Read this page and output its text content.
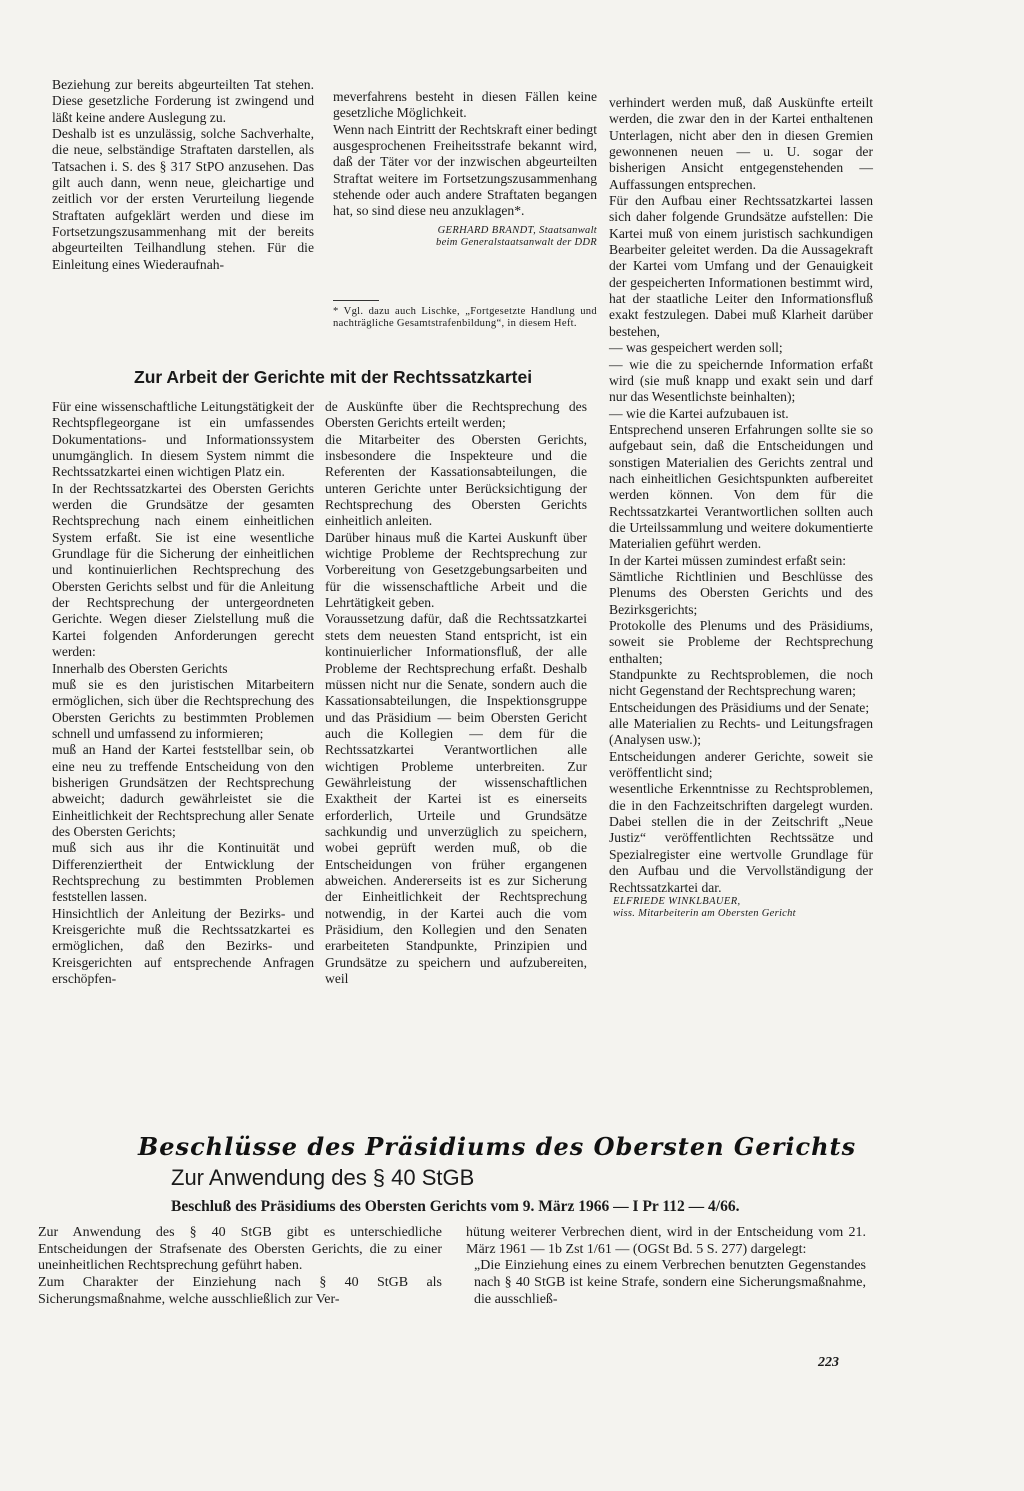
Beziehung zur bereits abgeurteilten Tat stehen. Diese gesetzliche Forderung ist zwingend und läßt keine andere Auslegung zu.

Deshalb ist es unzulässig, solche Sachverhalte, die neue, selbständige Straftaten darstellen, als Tatsachen i. S. des § 317 StPO anzusehen. Das gilt auch dann, wenn neue, gleichartige und zeitlich vor der ersten Verurteilung liegende Straftaten aufgeklärt werden und diese im Fortsetzungszusammenhang mit der bereits abgeurteilten Teilhandlung stehen. Für die Einleitung eines Wiederaufnah-

meverfahrens besteht in diesen Fällen keine gesetzliche Möglichkeit.

Wenn nach Eintritt der Rechtskraft einer bedingt ausgesprochenen Freiheitsstrafe bekannt wird, daß der Täter vor der inzwischen abgeurteilten Straftat weitere im Fortsetzungszusammenhang stehende oder auch andere Straftaten begangen hat, so sind diese neu anzuklagen*.

GERHARD BRANDT, Staatsanwalt
beim Generalstaatsanwalt der DDR
* Vgl. dazu auch Lischke, „Fortgesetzte Handlung und nachträgliche Gesamtstrafenbildung“, in diesem Heft.
Zur Arbeit der Gerichte mit der Rechtssatzkartei

Für eine wissenschaftliche Leitungstätigkeit der Rechtspflegeorgane ist ein umfassendes Dokumentations- und Informationssystem unumgänglich. In diesem System nimmt die Rechtssatzkartei einen wichtigen Platz ein.

In der Rechtssatzkartei des Obersten Gerichts werden die Grundsätze der gesamten Rechtsprechung nach einem einheitlichen System erfaßt. Sie ist eine wesentliche Grundlage für die Sicherung der einheitlichen und kontinuierlichen Rechtsprechung des Obersten Gerichts selbst und für die Anleitung der Rechtsprechung der untergeordneten Gerichte. Wegen dieser Zielstellung muß die Kartei folgenden Anforderungen gerecht werden:

Innerhalb des Obersten Gerichts

muß sie es den juristischen Mitarbeitern ermöglichen, sich über die Rechtsprechung des Obersten Gerichts zu bestimmten Problemen schnell und umfassend zu informieren;

muß an Hand der Kartei feststellbar sein, ob eine neu zu treffende Entscheidung von den bisherigen Grundsätzen der Rechtsprechung abweicht; dadurch gewährleistet sie die Einheitlichkeit der Rechtsprechung aller Senate des Obersten Gerichts;

muß sich aus ihr die Kontinuität und Differenziertheit der Entwicklung der Rechtsprechung zu bestimmten Problemen feststellen lassen.

Hinsichtlich der Anleitung der Bezirks- und Kreisgerichte muß die Rechtssatzkartei es ermöglichen, daß den Bezirks- und Kreisgerichten auf entsprechende Anfragen erschöpfen-

de Auskünfte über die Rechtsprechung des Obersten Gerichts erteilt werden;

die Mitarbeiter des Obersten Gerichts, insbesondere die Inspekteure und die Referenten der Kassationsabteilungen, die unteren Gerichte unter Berücksichtigung der Rechtsprechung des Obersten Gerichts einheitlich anleiten.

Darüber hinaus muß die Kartei Auskunft über wichtige Probleme der Rechtsprechung zur Vorbereitung von Gesetzgebungsarbeiten und für die wissenschaftliche Arbeit und die Lehrtätigkeit geben.

Voraussetzung dafür, daß die Rechtssatzkartei stets dem neuesten Stand entspricht, ist ein kontinuierlicher Informationsfluß, der alle Probleme der Rechtsprechung erfaßt. Deshalb müssen nicht nur die Senate, sondern auch die Kassationsabteilungen, die Inspektionsgruppe und das Präsidium — beim Obersten Gericht auch die Kollegien — dem für die Rechtssatzkartei Verantwortlichen alle wichtigen Probleme unterbreiten. Zur Gewährleistung der wissenschaftlichen Exaktheit der Kartei ist es einerseits erforderlich, Urteile und Grundsätze sachkundig und unverzüglich zu speichern, wobei geprüft werden muß, ob die Entscheidungen von früher ergangenen abweichen. Andererseits ist es zur Sicherung der Einheitlichkeit der Rechtsprechung notwendig, in der Kartei auch die vom Präsidium, den Kollegien und den Senaten erarbeiteten Standpunkte, Prinzipien und Grundsätze zu speichern und aufzubereiten, weil

verhindert werden muß, daß Auskünfte erteilt werden, die zwar den in der Kartei enthaltenen Unterlagen, nicht aber den in diesen Gremien gewonnenen neuen — u. U. sogar der bisherigen Ansicht entgegenstehenden — Auffassungen entsprechen.

Für den Aufbau einer Rechtssatzkartei lassen sich daher folgende Grundsätze aufstellen: Die Kartei muß von einem juristisch sachkundigen Bearbeiter geleitet werden. Da die Aussagekraft der Kartei vom Umfang und der Genauigkeit der gespeicherten Informationen bestimmt wird, hat der staatliche Leiter den Informationsfluß exakt festzulegen. Dabei muß Klarheit darüber bestehen,

— was gespeichert werden soll;

— wie die zu speichernde Information erfaßt wird (sie muß knapp und exakt sein und darf nur das Wesentlichste beinhalten);

— wie die Kartei aufzubauen ist.

Entsprechend unseren Erfahrungen sollte sie so aufgebaut sein, daß die Entscheidungen und sonstigen Materialien des Gerichts zentral und nach einheitlichen Gesichtspunkten aufbereitet werden können. Von dem für die Rechtssatzkartei Verantwortlichen sollten auch die Urteilssammlung und weitere dokumentierte Materialien geführt werden.

In der Kartei müssen zumindest erfaßt sein:

Sämtliche Richtlinien und Beschlüsse des Plenums des Obersten Gerichts und des Bezirksgerichts;

Protokolle des Plenums und des Präsidiums, soweit sie Probleme der Rechtsprechung enthalten;

Standpunkte zu Rechtsproblemen, die noch nicht Gegenstand der Rechtsprechung waren;

Entscheidungen des Präsidiums und der Senate;

alle Materialien zu Rechts- und Leitungsfragen (Analysen usw.);

Entscheidungen anderer Gerichte, soweit sie veröffentlicht sind;

wesentliche Erkenntnisse zu Rechtsproblemen, die in den Fachzeitschriften dargelegt wurden. Dabei stellen die in der Zeitschrift „Neue Justiz“ veröffentlichten Rechtssätze und Spezialregister eine wertvolle Grundlage für den Aufbau und die Vervollständigung der Rechtssatzkartei dar.

ELFRIEDE WINKLBAUER,
wiss. Mitarbeiterin am Obersten Gericht
Beschlüsse des Präsidiums des Obersten Gerichts
Zur Anwendung des § 40 StGB
Beschluß des Präsidiums des Obersten Gerichts vom 9. März 1966 — I Pr 112 — 4/66.

Zur Anwendung des § 40 StGB gibt es unterschiedliche Entscheidungen der Strafsenate des Obersten Gerichts, die zu einer uneinheitlichen Rechtsprechung geführt haben.

Zum Charakter der Einziehung nach § 40 StGB als Sicherungsmaßnahme, welche ausschließlich zur Ver-

hütung weiterer Verbrechen dient, wird in der Entscheidung vom 21. März 1961 — 1b Zst 1/61 — (OGSt Bd. 5 S. 277) dargelegt:

„Die Einziehung eines zu einem Verbrechen benutzten Gegenstandes nach § 40 StGB ist keine Strafe, sondern eine Sicherungsmaßnahme, die ausschließ-

223
